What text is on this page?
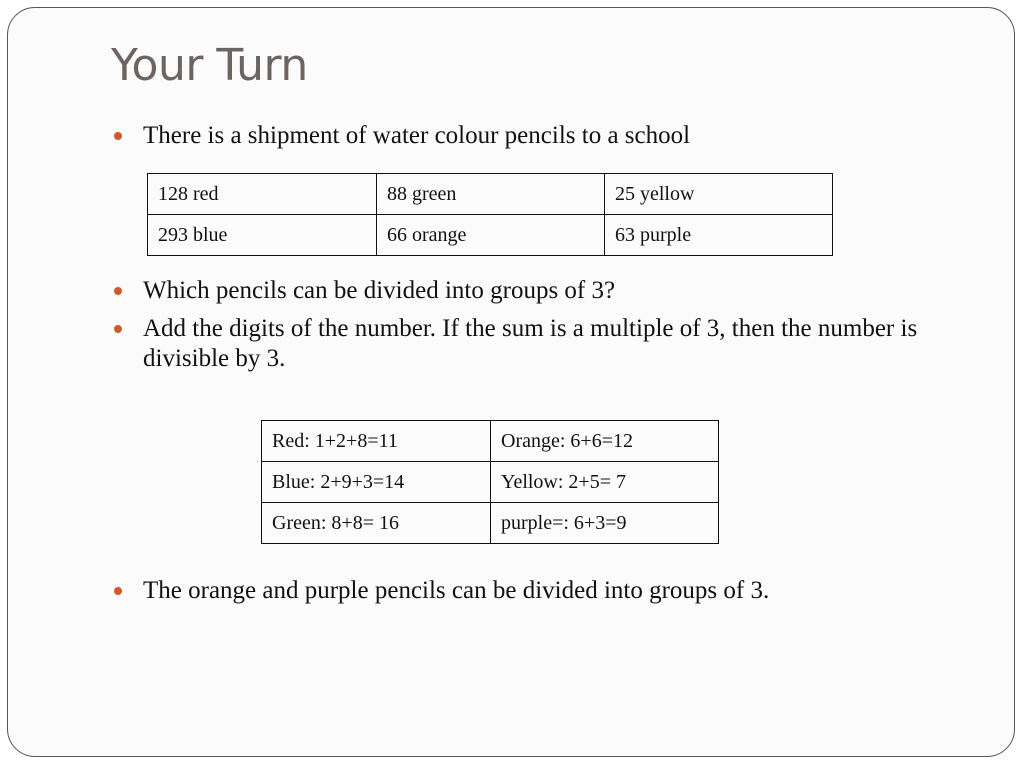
Your Turn
There is a shipment of water colour pencils to a school
128 red	88 green	25 yellow
293 blue	66 orange	63 purple
Which pencils can be divided into groups of 3?
Add the digits of the number. If the sum is a multiple of 3, then the number is divisible by 3.
Red: 1+2+8=11	Orange: 6+6=12
Blue: 2+9+3=14	Yellow: 2+5= 7
Green: 8+8= 16	purple=: 6+3=9
The orange and purple pencils can be divided into groups of 3.
